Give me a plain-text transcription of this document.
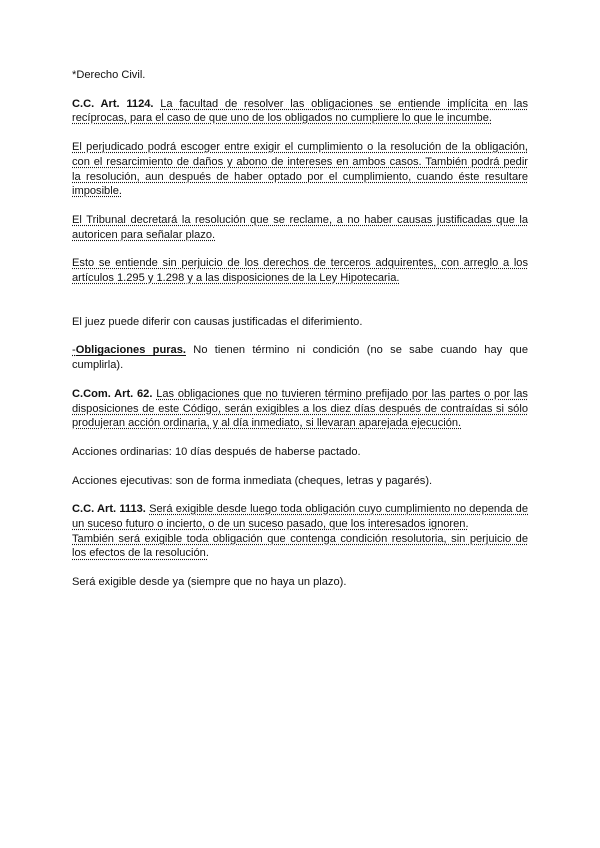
*Derecho Civil.

C.C. Art. 1124. La facultad de resolver las obligaciones se entiende implícita en las recíprocas, para el caso de que uno de los obligados no cumpliere lo que le incumbe.

El perjudicado podrá escoger entre exigir el cumplimiento o la resolución de la obligación, con el resarcimiento de daños y abono de intereses en ambos casos. También podrá pedir la resolución, aun después de haber optado por el cumplimiento, cuando éste resultare imposible.

El Tribunal decretará la resolución que se reclame, a no haber causas justificadas que la autoricen para señalar plazo.

Esto se entiende sin perjuicio de los derechos de terceros adquirentes, con arreglo a los artículos 1.295 y 1.298 y a las disposiciones de la Ley Hipotecaria.

El juez puede diferir con causas justificadas el diferimiento.

-Obligaciones puras. No tienen término ni condición (no se sabe cuando hay que cumplirla).

C.Com. Art. 62. Las obligaciones que no tuvieren término prefijado por las partes o por las disposiciones de este Código, serán exigibles a los diez días después de contraídas si sólo produjeran acción ordinaria, y al día inmediato, si llevaran aparejada ejecución.

Acciones ordinarias: 10 días después de haberse pactado.

Acciones ejecutivas: son de forma inmediata (cheques, letras y pagarés).

C.C. Art. 1113. Será exigible desde luego toda obligación cuyo cumplimiento no dependa de un suceso futuro o incierto, o de un suceso pasado, que los interesados ignoren.

También será exigible toda obligación que contenga condición resolutoria, sin perjuicio de los efectos de la resolución.

Será exigible desde ya (siempre que no haya un plazo).
